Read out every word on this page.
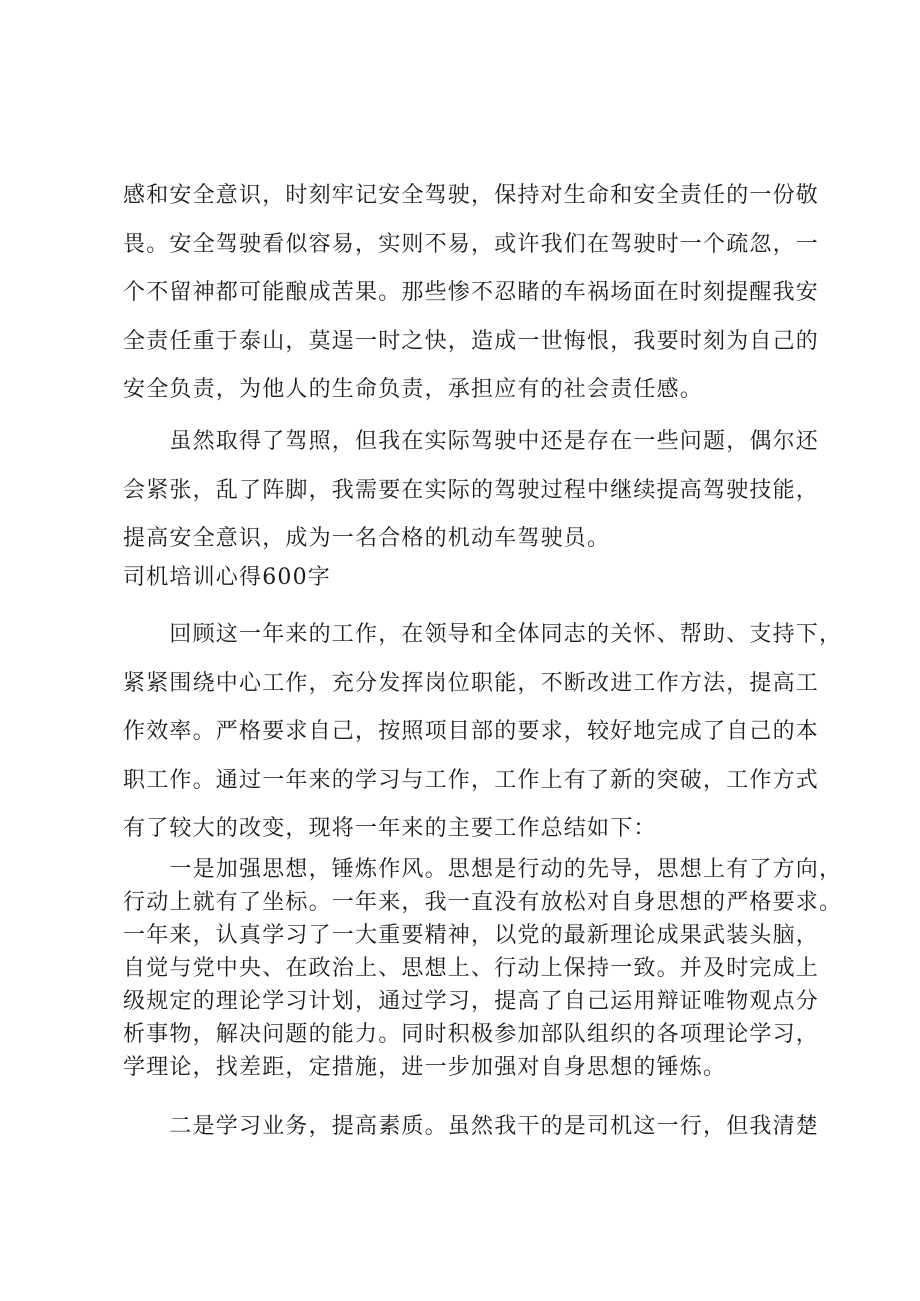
感和安全意识，时刻牢记安全驾驶，保持对生命和安全责任的一份敬
畏。安全驾驶看似容易，实则不易，或许我们在驾驶时一个疏忽，一
个不留神都可能酿成苦果。那些惨不忍睹的车祸场面在时刻提醒我安
全责任重于泰山，莫逞一时之快，造成一世悔恨，我要时刻为自己的
安全负责，为他人的生命负责，承担应有的社会责任感。

　　虽然取得了驾照，但我在实际驾驶中还是存在一些问题，偶尔还
会紧张，乱了阵脚，我需要在实际的驾驶过程中继续提高驾驶技能，
提高安全意识，成为一名合格的机动车驾驶员。

司机培训心得600字

　　回顾这一年来的工作，在领导和全体同志的关怀、帮助、支持下，
紧紧围绕中心工作，充分发挥岗位职能，不断改进工作方法，提高工
作效率。严格要求自己，按照项目部的要求，较好地完成了自己的本
职工作。通过一年来的学习与工作，工作上有了新的突破，工作方式
有了较大的改变，现将一年来的主要工作总结如下：

　　一是加强思想，锤炼作风。思想是行动的先导，思想上有了方向，
行动上就有了坐标。一年来，我一直没有放松对自身思想的严格要求。
一年来，认真学习了一大重要精神，以党的最新理论成果武装头脑，
自觉与党中央、在政治上、思想上、行动上保持一致。并及时完成上
级规定的理论学习计划，通过学习，提高了自己运用辩证唯物观点分
析事物，解决问题的能力。同时积极参加部队组织的各项理论学习，
学理论，找差距，定措施，进一步加强对自身思想的锤炼。

　　二是学习业务，提高素质。虽然我干的是司机这一行，但我清楚
